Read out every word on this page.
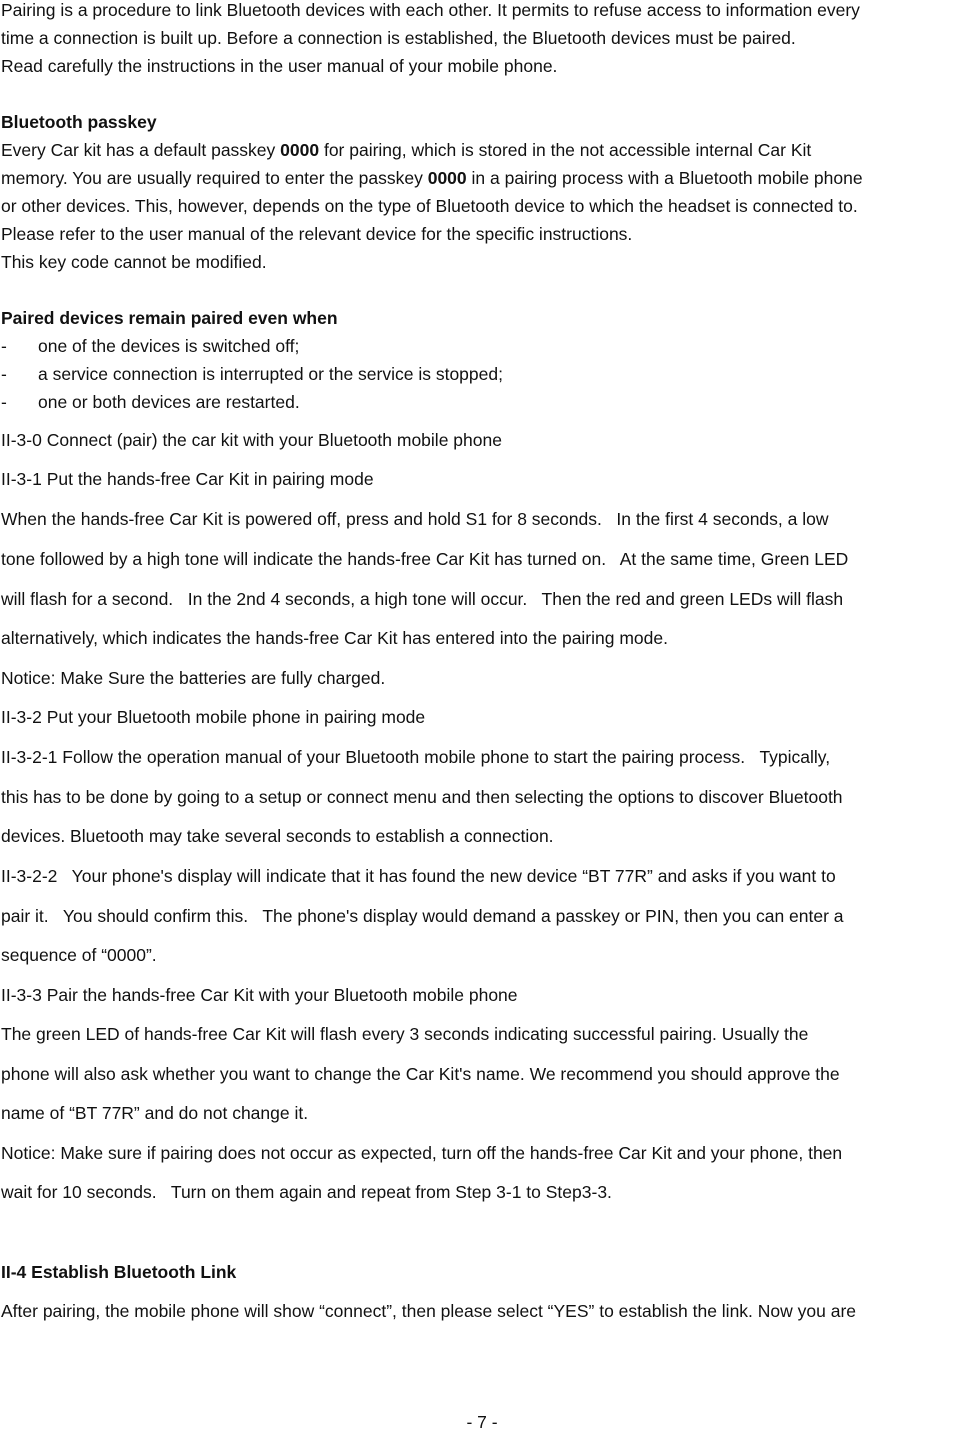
Pairing is a procedure to link Bluetooth devices with each other. It permits to refuse access to information every
time a connection is built up. Before a connection is established, the Bluetooth devices must be paired.
Read carefully the instructions in the user manual of your mobile phone.
Bluetooth passkey
Every Car kit has a default passkey 0000 for pairing, which is stored in the not accessible internal Car Kit
memory. You are usually required to enter the passkey 0000 in a pairing process with a Bluetooth mobile phone
or other devices. This, however, depends on the type of Bluetooth device to which the headset is connected to.
Please refer to the user manual of the relevant device for the specific instructions.
This key code cannot be modified.
Paired devices remain paired even when
- one of the devices is switched off;
- a service connection is interrupted or the service is stopped;
- one or both devices are restarted.
II-3-0 Connect (pair) the car kit with your Bluetooth mobile phone
II-3-1 Put the hands-free Car Kit in pairing mode
When the hands-free Car Kit is powered off, press and hold S1 for 8 seconds.   In the first 4 seconds, a low
tone followed by a high tone will indicate the hands-free Car Kit has turned on.   At the same time, Green LED
will flash for a second.   In the 2nd 4 seconds, a high tone will occur.   Then the red and green LEDs will flash
alternatively, which indicates the hands-free Car Kit has entered into the pairing mode.
Notice: Make Sure the batteries are fully charged.
II-3-2 Put your Bluetooth mobile phone in pairing mode
II-3-2-1 Follow the operation manual of your Bluetooth mobile phone to start the pairing process.   Typically,
this has to be done by going to a setup or connect menu and then selecting the options to discover Bluetooth
devices. Bluetooth may take several seconds to establish a connection.
II-3-2-2   Your phone's display will indicate that it has found the new device “BT 77R” and asks if you want to
pair it.   You should confirm this.   The phone's display would demand a passkey or PIN, then you can enter a
sequence of “0000”.
II-3-3 Pair the hands-free Car Kit with your Bluetooth mobile phone
The green LED of hands-free Car Kit will flash every 3 seconds indicating successful pairing. Usually the
phone will also ask whether you want to change the Car Kit's name. We recommend you should approve the
name of “BT 77R” and do not change it.
Notice: Make sure if pairing does not occur as expected, turn off the hands-free Car Kit and your phone, then
wait for 10 seconds.   Turn on them again and repeat from Step 3-1 to Step3-3.
II-4 Establish Bluetooth Link
After pairing, the mobile phone will show “connect”, then please select “YES” to establish the link. Now you are
- 7 -
